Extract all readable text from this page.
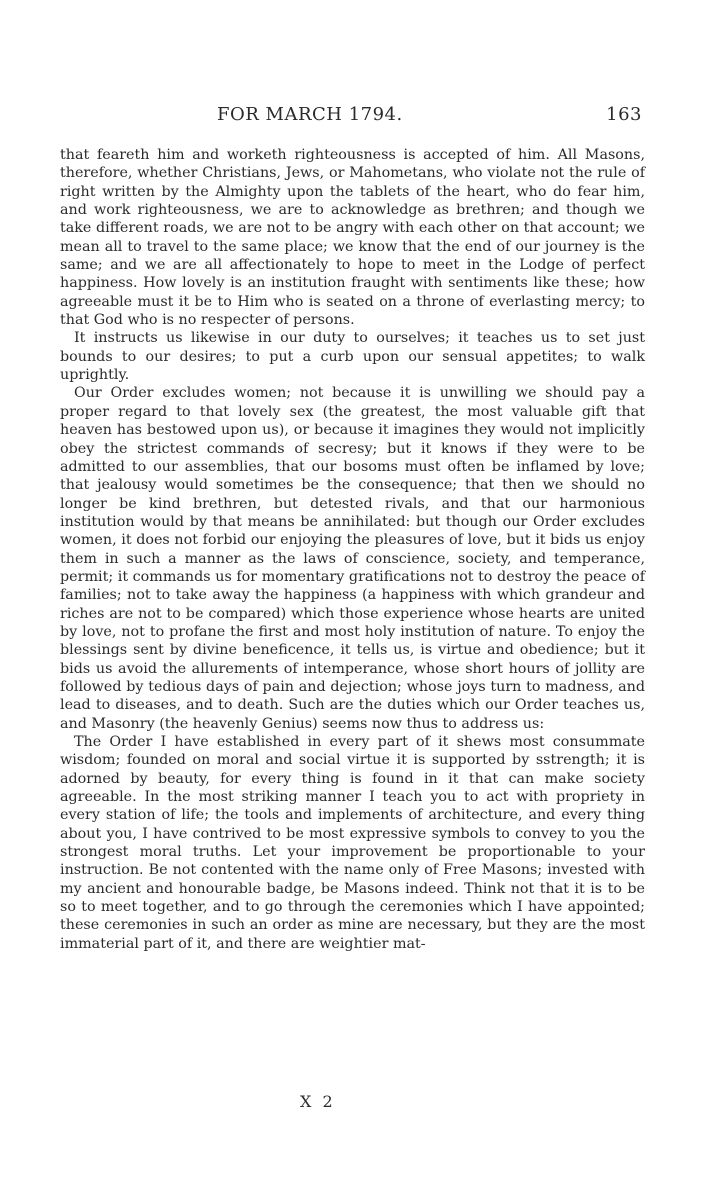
FOR MARCH 1794.	163

that feareth him and worketh righteousness is accepted of him. All Masons, therefore, whether Christians, Jews, or Mahometans, who violate not the rule of right written by the Almighty upon the tablets of the heart, who do fear him, and work righteousness, we are to acknowledge as brethren; and though we take different roads, we are not to be angry with each other on that account; we mean all to travel to the same place; we know that the end of our journey is the same; and we are all affectionately to hope to meet in the Lodge of perfect happiness. How lovely is an institution fraught with sentiments like these; how agreeable must it be to Him who is seated on a throne of everlasting mercy; to that God who is no respecter of persons.

It instructs us likewise in our duty to ourselves; it teaches us to set just bounds to our desires; to put a curb upon our sensual appetites; to walk uprightly.

Our Order excludes women; not because it is unwilling we should pay a proper regard to that lovely sex (the greatest, the most valuable gift that heaven has bestowed upon us), or because it imagines they would not implicitly obey the strictest commands of secresy; but it knows if they were to be admitted to our assemblies, that our bosoms must often be inflamed by love; that jealousy would sometimes be the consequence; that then we should no longer be kind brethren, but detested rivals, and that our harmonious institution would by that means be annihilated: but though our Order excludes women, it does not forbid our enjoying the pleasures of love, but it bids us enjoy them in such a manner as the laws of conscience, society, and temperance, permit; it commands us for momentary gratifications not to destroy the peace of families; not to take away the happiness (a happiness with which grandeur and riches are not to be compared) which those experience whose hearts are united by love, not to profane the first and most holy institution of nature. To enjoy the blessings sent by divine beneficence, it tells us, is virtue and obedience; but it bids us avoid the allurements of intemperance, whose short hours of jollity are followed by tedious days of pain and dejection; whose joys turn to madness, and lead to diseases, and to death. Such are the duties which our Order teaches us, and Masonry (the heavenly Genius) seems now thus to address us:

The Order I have established in every part of it shews most consummate wisdom; founded on moral and social virtue it is supported by sstrength; it is adorned by beauty, for every thing is found in it that can make society agreeable. In the most striking manner I teach you to act with propriety in every station of life; the tools and implements of architecture, and every thing about you, I have contrived to be most expressive symbols to convey to you the strongest moral truths. Let your improvement be proportionable to your instruction. Be not contented with the name only of Free Masons; invested with my ancient and honourable badge, be Masons indeed. Think not that it is to be so to meet together, and to go through the ceremonies which I have appointed; these ceremonies in such an order as mine are necessary, but they are the most immaterial part of it, and there are weightier mat-

X 2
